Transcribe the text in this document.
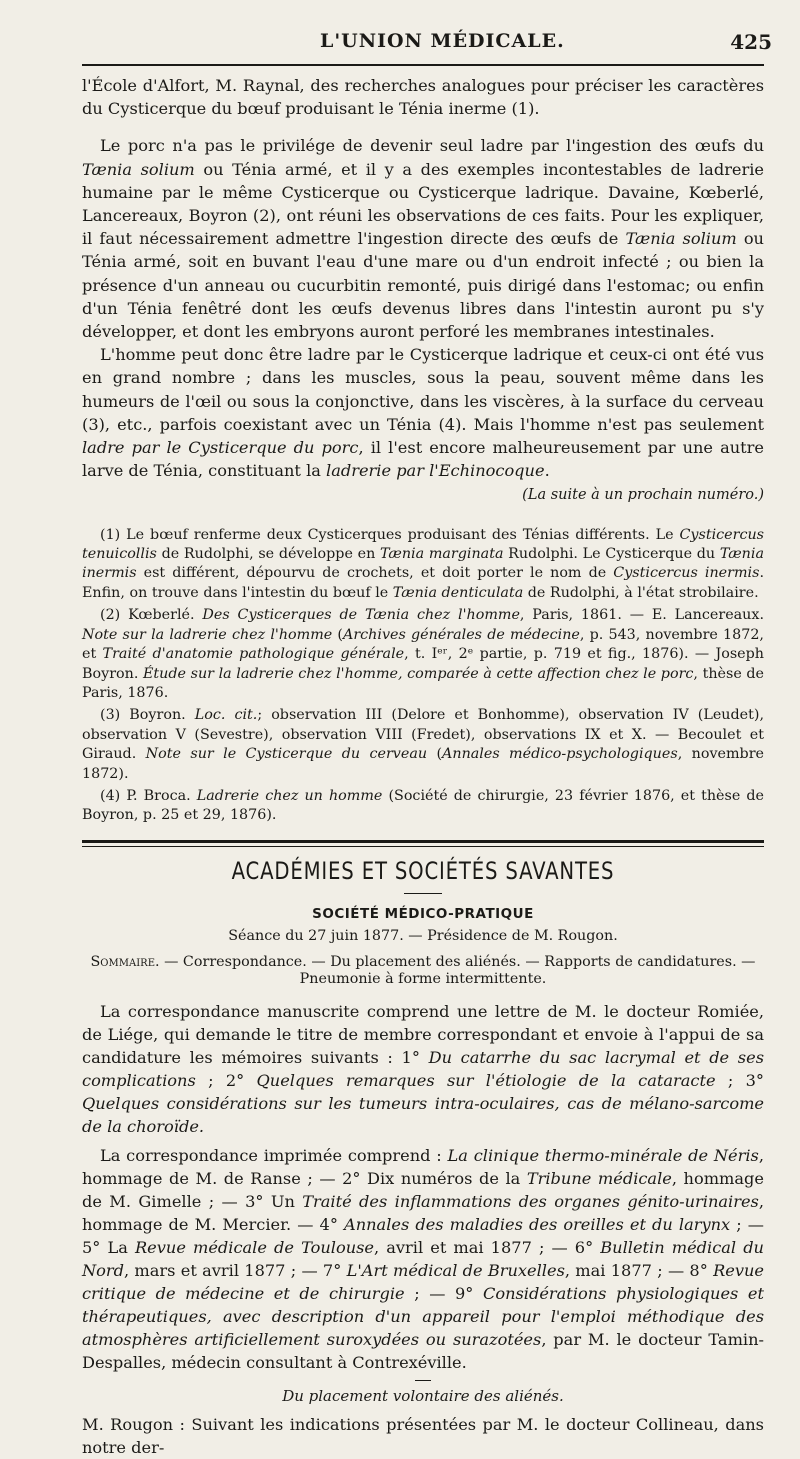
L'UNION MÉDICALE.	425

l'École d'Alfort, M. Raynal, des recherches analogues pour préciser les caractères du Cysticerque du bœuf produisant le Ténia inerme (1).

Le porc n'a pas le privilége de devenir seul ladre par l'ingestion des œufs du Tænia solium ou Ténia armé, et il y a des exemples incontestables de ladrerie humaine par le même Cysticerque ou Cysticerque ladrique. Davaine, Kœberlé, Lancereaux, Boyron (2), ont réuni les observations de ces faits. Pour les expliquer, il faut nécessairement admettre l'ingestion directe des œufs de Tænia solium ou Ténia armé, soit en buvant l'eau d'une mare ou d'un endroit infecté ; ou bien la présence d'un anneau ou cucurbitin remonté, puis dirigé dans l'estomac; ou enfin d'un Ténia fenêtré dont les œufs devenus libres dans l'intestin auront pu s'y développer, et dont les embryons auront perforé les membranes intestinales.

L'homme peut donc être ladre par le Cysticerque ladrique et ceux-ci ont été vus en grand nombre ; dans les muscles, sous la peau, souvent même dans les humeurs de l'œil ou sous la conjonctive, dans les viscères, à la surface du cerveau (3), etc., parfois coexistant avec un Ténia (4). Mais l'homme n'est pas seulement ladre par le Cysticerque du porc, il l'est encore malheureusement par une autre larve de Ténia, constituant la ladrerie par l'Echinocoque.

(La suite à un prochain numéro.)

(1) Le bœuf renferme deux Cysticerques produisant des Ténias différents. Le Cysticercus tenuicollis de Rudolphi, se développe en Tænia marginata Rudolphi. Le Cysticerque du Tænia inermis est différent, dépourvu de crochets, et doit porter le nom de Cysticercus inermis. Enfin, on trouve dans l'intestin du bœuf le Tænia denticulata de Rudolphi, à l'état strobilaire.

(2) Kœberlé. Des Cysticerques de Tænia chez l'homme, Paris, 1861. — E. Lancereaux. Note sur la ladrerie chez l'homme (Archives générales de médecine, p. 543, novembre 1872, et Traité d'anatomie pathologique générale, t. Iᵉʳ, 2ᵉ partie, p. 719 et fig., 1876). — Joseph Boyron. Étude sur la ladrerie chez l'homme, comparée à cette affection chez le porc, thèse de Paris, 1876.

(3) Boyron. Loc. cit.; observation III (Delore et Bonhomme), observation IV (Leudet), observation V (Sevestre), observation VIII (Fredet), observations IX et X. — Becoulet et Giraud. Note sur le Cysticerque du cerveau (Annales médico-psychologiques, novembre 1872).

(4) P. Broca. Ladrerie chez un homme (Société de chirurgie, 23 février 1876, et thèse de Boyron, p. 25 et 29, 1876).

ACADÉMIES ET SOCIÉTÉS SAVANTES
SOCIÉTÉ MÉDICO-PRATIQUE
Séance du 27 juin 1877. — Présidence de M. Rougon.
Sommaire. — Correspondance. — Du placement des aliénés. — Rapports de candidatures. — Pneumonie à forme intermittente.

La correspondance manuscrite comprend une lettre de M. le docteur Romiée, de Liége, qui demande le titre de membre correspondant et envoie à l'appui de sa candidature les mémoires suivants : 1° Du catarrhe du sac lacrymal et de ses complications ; 2° Quelques remarques sur l'étiologie de la cataracte ; 3° Quelques considérations sur les tumeurs intra-oculaires, cas de mélano-sarcome de la choroïde.

La correspondance imprimée comprend : La clinique thermo-minérale de Néris, hommage de M. de Ranse ; — 2° Dix numéros de la Tribune médicale, hommage de M. Gimelle ; — 3° Un Traité des inflammations des organes génito-urinaires, hommage de M. Mercier. — 4° Annales des maladies des oreilles et du larynx ; — 5° La Revue médicale de Toulouse, avril et mai 1877 ; — 6° Bulletin médical du Nord, mars et avril 1877 ; — 7° L'Art médical de Bruxelles, mai 1877 ; — 8° Revue critique de médecine et de chirurgie ; — 9° Considérations physiologiques et thérapeutiques, avec description d'un appareil pour l'emploi méthodique des atmosphères artificiellement suroxydées ou surazotées, par M. le docteur Tamin-Despalles, médecin consultant à Contrexéville.

Du placement volontaire des aliénés.
M. Rougon : Suivant les indications présentées par M. le docteur Collineau, dans notre der-
